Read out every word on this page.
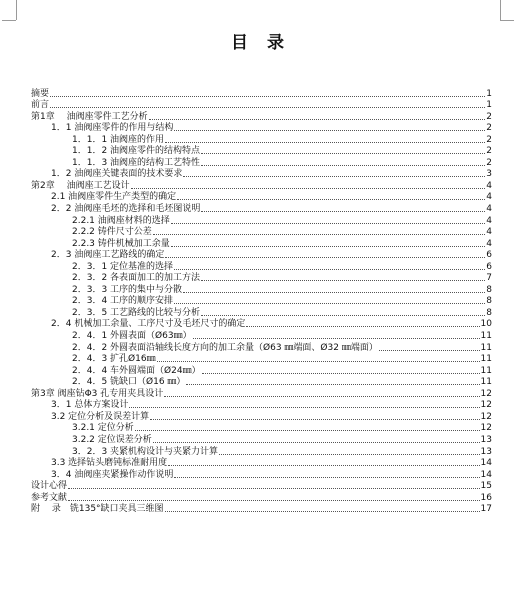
目　录
摘要	1
前言	1
第1章　 油阀座零件工艺分析	2
1．1 油阀座零件的作用与结构	2
1．1．1 油阀座的作用	2
1．1．2 油阀座零件的结构特点	2
1．1．3 油阀座的结构工艺特性	2
1．2 油阀座关键表面的技术要求	3
第2章　 油阀座工艺设计	4
2.1 油阀座零件生产类型的确定	4
2．2 油阀座毛坯的选择和毛坯图说明	4
2.2.1 油阀座材料的选择	4
2.2.2 铸件尺寸公差	4
2.2.3 铸件机械加工余量	4
2．3 油阀座工艺路线的确定	6
2．3．1 定位基准的选择	6
2．3．2 各表面加工的加工方法	7
2．3．3 工序的集中与分散	8
2．3．4 工序的顺序安排	8
2．3．5 工艺路线的比较与分析	8
2．4 机械加工余量、工序尺寸及毛坯尺寸的确定	10
2．4．1 外圆表面（Ø63㎜）	11
2．4．2 外圆表面沿轴线长度方向的加工余量（Ø63 ㎜端面、Ø32 ㎜端面）	11
2．4．3 扩孔Ø16㎜	11
2．4．4 车外圆端面（Ø24㎜）	11
2．4．5 铣缺口（Ø16 ㎜）	11
第3章 阀座钻Φ3 孔专用夹具设计	12
3．1 总体方案设计	12
3.2 定位分析及误差计算	12
3.2.1 定位分析	12
3.2.2 定位误差分析	13
3．2．3 夹紧机构设计与夹紧力计算	13
3.3 选择钻头磨钝标准耐用度	14
3．4 油阀座夹紧操作动作说明	14
设计心得	15
参考文献	16
附　 录　铣135°缺口夹具三维图	17
